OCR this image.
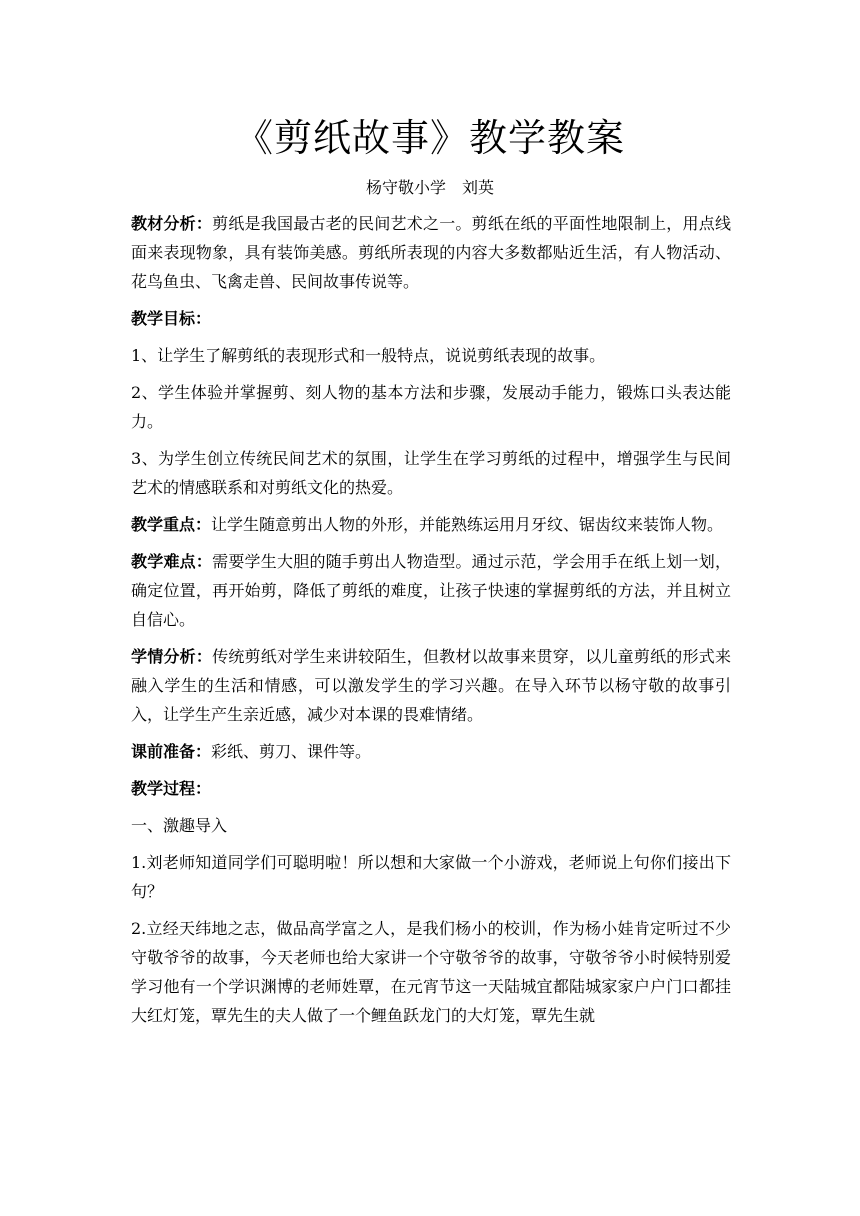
《剪纸故事》教学教案
杨守敬小学　刘英

教材分析：剪纸是我国最古老的民间艺术之一。剪纸在纸的平面性地限制上，用点线面来表现物象，具有装饰美感。剪纸所表现的内容大多数都贴近生活，有人物活动、花鸟鱼虫、飞禽走兽、民间故事传说等。

教学目标：

1、让学生了解剪纸的表现形式和一般特点，说说剪纸表现的故事。

2、学生体验并掌握剪、刻人物的基本方法和步骤，发展动手能力，锻炼口头表达能力。

3、为学生创立传统民间艺术的氛围，让学生在学习剪纸的过程中，增强学生与民间艺术的情感联系和对剪纸文化的热爱。

教学重点：让学生随意剪出人物的外形，并能熟练运用月牙纹、锯齿纹来装饰人物。

教学难点：需要学生大胆的随手剪出人物造型。通过示范，学会用手在纸上划一划，确定位置，再开始剪，降低了剪纸的难度，让孩子快速的掌握剪纸的方法，并且树立自信心。

学情分析：传统剪纸对学生来讲较陌生，但教材以故事来贯穿，以儿童剪纸的形式来融入学生的生活和情感，可以激发学生的学习兴趣。在导入环节以杨守敬的故事引入，让学生产生亲近感，减少对本课的畏难情绪。

课前准备：彩纸、剪刀、课件等。

教学过程：

一、激趣导入

1.刘老师知道同学们可聪明啦！所以想和大家做一个小游戏，老师说上句你们接出下句？

2.立经天纬地之志，做品高学富之人，是我们杨小的校训，作为杨小娃肯定听过不少守敬爷爷的故事，今天老师也给大家讲一个守敬爷爷的故事，守敬爷爷小时候特别爱学习他有一个学识渊博的老师姓覃，在元宵节这一天陆城宜都陆城家家户户门口都挂大红灯笼，覃先生的夫人做了一个鲤鱼跃龙门的大灯笼，覃先生就
